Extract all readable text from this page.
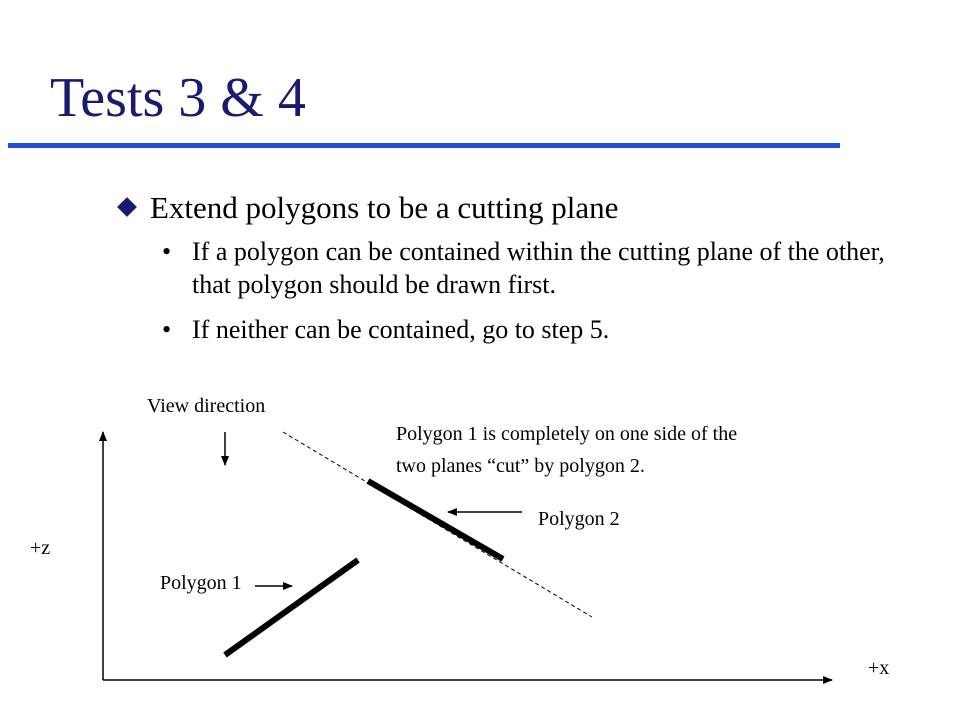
Tests 3 & 4
Extend polygons to be a cutting plane
• If a polygon can be contained within the cutting plane of the other, that polygon should be drawn first.
• If neither can be contained, go to step 5.
View direction
Polygon 1 is completely on one side of the
two planes “cut” by polygon 2.
Polygon 2
Polygon 1
+z
+x
